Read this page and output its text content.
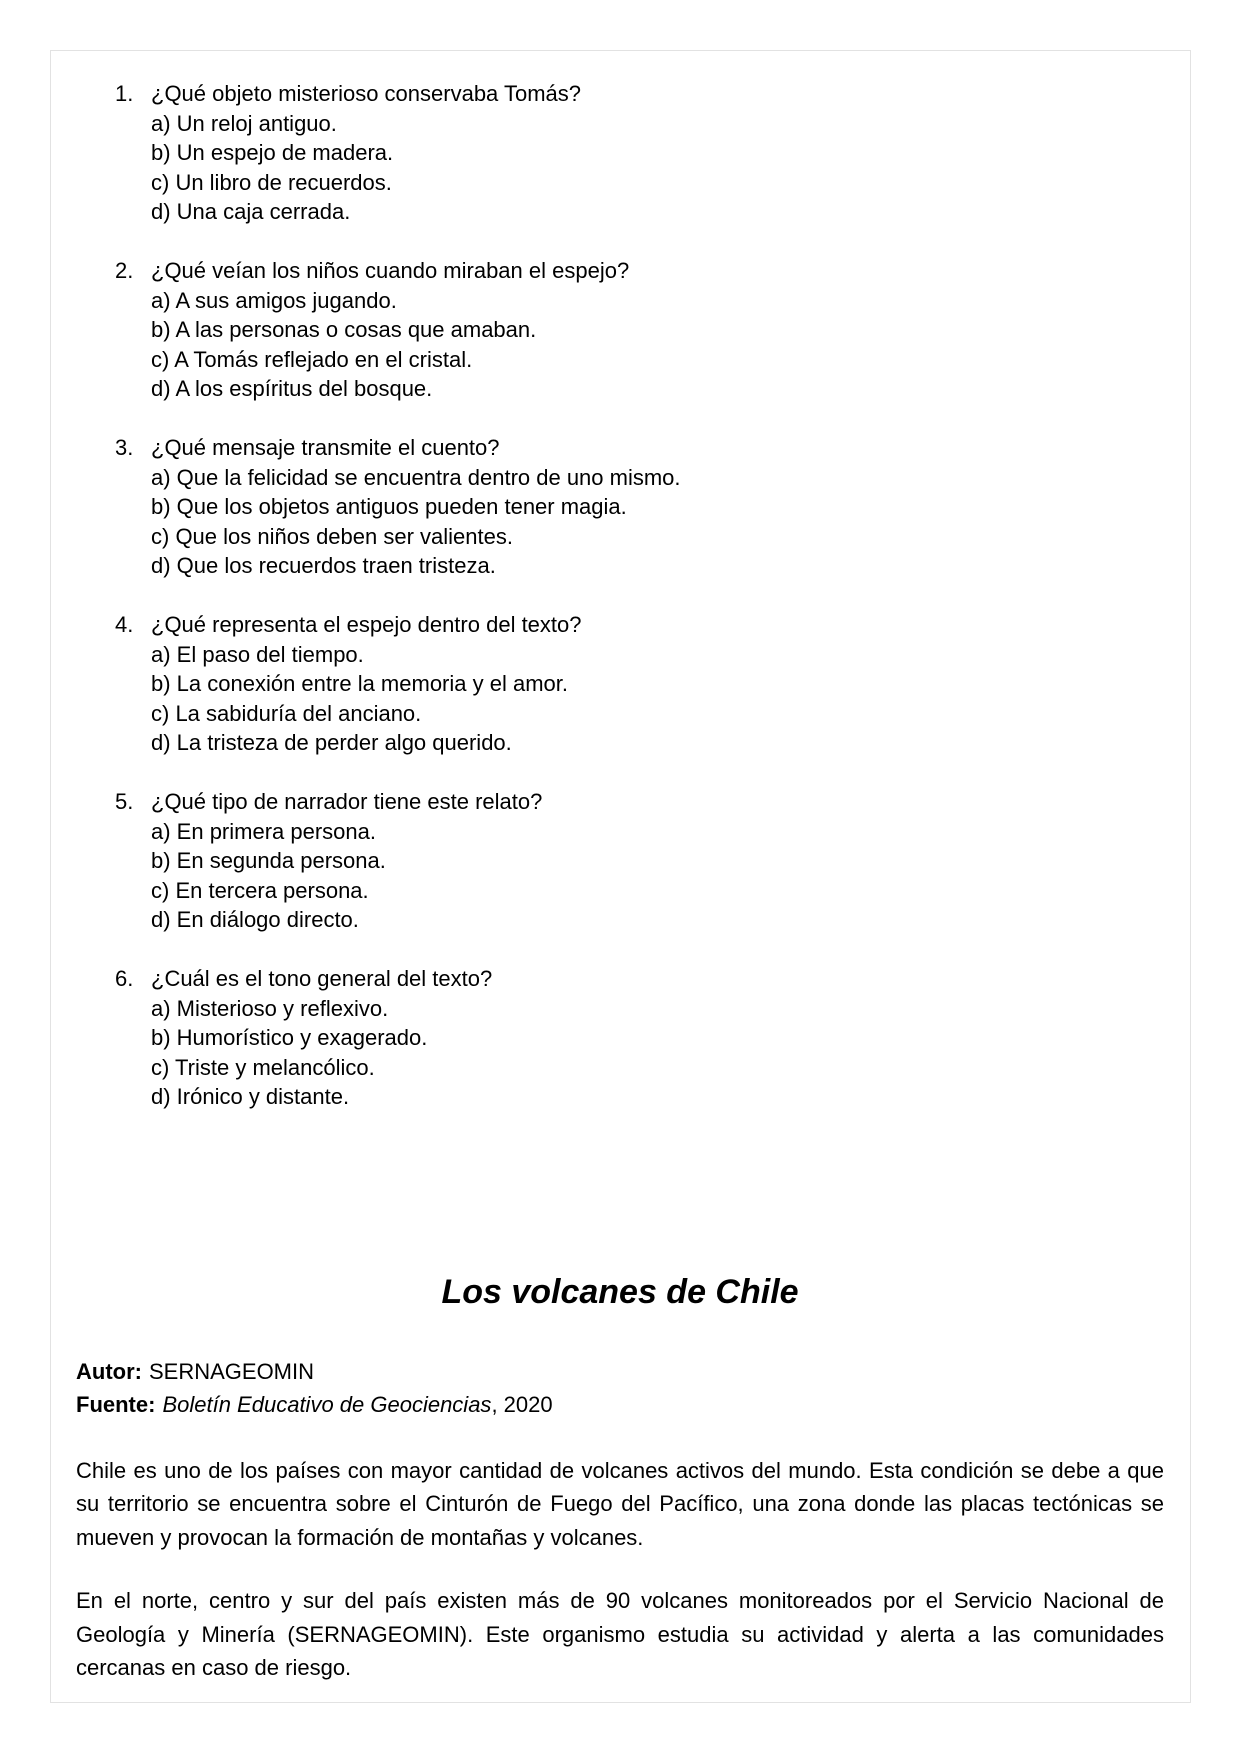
1. ¿Qué objeto misterioso conservaba Tomás?
a) Un reloj antiguo.
b) Un espejo de madera.
c) Un libro de recuerdos.
d) Una caja cerrada.
2. ¿Qué veían los niños cuando miraban el espejo?
a) A sus amigos jugando.
b) A las personas o cosas que amaban.
c) A Tomás reflejado en el cristal.
d) A los espíritus del bosque.
3. ¿Qué mensaje transmite el cuento?
a) Que la felicidad se encuentra dentro de uno mismo.
b) Que los objetos antiguos pueden tener magia.
c) Que los niños deben ser valientes.
d) Que los recuerdos traen tristeza.
4. ¿Qué representa el espejo dentro del texto?
a) El paso del tiempo.
b) La conexión entre la memoria y el amor.
c) La sabiduría del anciano.
d) La tristeza de perder algo querido.
5. ¿Qué tipo de narrador tiene este relato?
a) En primera persona.
b) En segunda persona.
c) En tercera persona.
d) En diálogo directo.
6. ¿Cuál es el tono general del texto?
a) Misterioso y reflexivo.
b) Humorístico y exagerado.
c) Triste y melancólico.
d) Irónico y distante.
Los volcanes de Chile
Autor: SERNAGEOMIN
Fuente: Boletín Educativo de Geociencias, 2020

Chile es uno de los países con mayor cantidad de volcanes activos del mundo. Esta condición se debe a que su territorio se encuentra sobre el Cinturón de Fuego del Pacífico, una zona donde las placas tectónicas se mueven y provocan la formación de montañas y volcanes.

En el norte, centro y sur del país existen más de 90 volcanes monitoreados por el Servicio Nacional de Geología y Minería (SERNAGEOMIN). Este organismo estudia su actividad y alerta a las comunidades cercanas en caso de riesgo.
